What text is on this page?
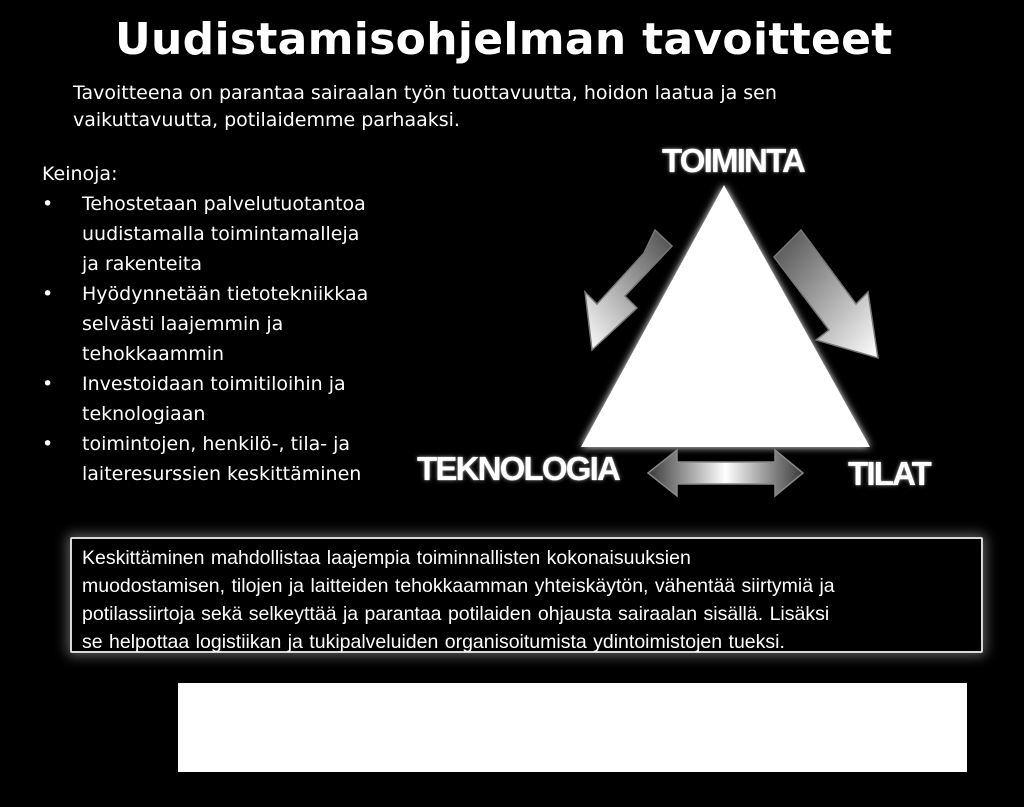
Uudistamisohjelman tavoitteet
Tavoitteena on parantaa sairaalan työn tuottavuutta, hoidon laatua ja sen
vaikuttavuutta, potilaidemme parhaaksi.
Keinoja:
• Tehostetaan palvelutuotantoa
uudistamalla toimintamalleja
ja rakenteita
• Hyödynnetään tietotekniikkaa
selvästi laajemmin ja
tehokkaammin
• Investoidaan toimitiloihin ja
teknologiaan
• toimintojen, henkilö-, tila- ja
laiteresurssien keskittäminen
TOIMINTA
TEKNOLOGIA	TILAT
Keskittäminen mahdollistaa laajempia toiminnallisten kokonaisuuksien
muodostamisen, tilojen ja laitteiden tehokkaamman yhteiskäytön, vähentää siirtymiä ja
potilassiirtoja sekä selkeyttää ja parantaa potilaiden ohjausta sairaalan sisällä. Lisäksi
se helpottaa logistiikan ja tukipalveluiden organisoitumista ydintoimistojen tueksi.
